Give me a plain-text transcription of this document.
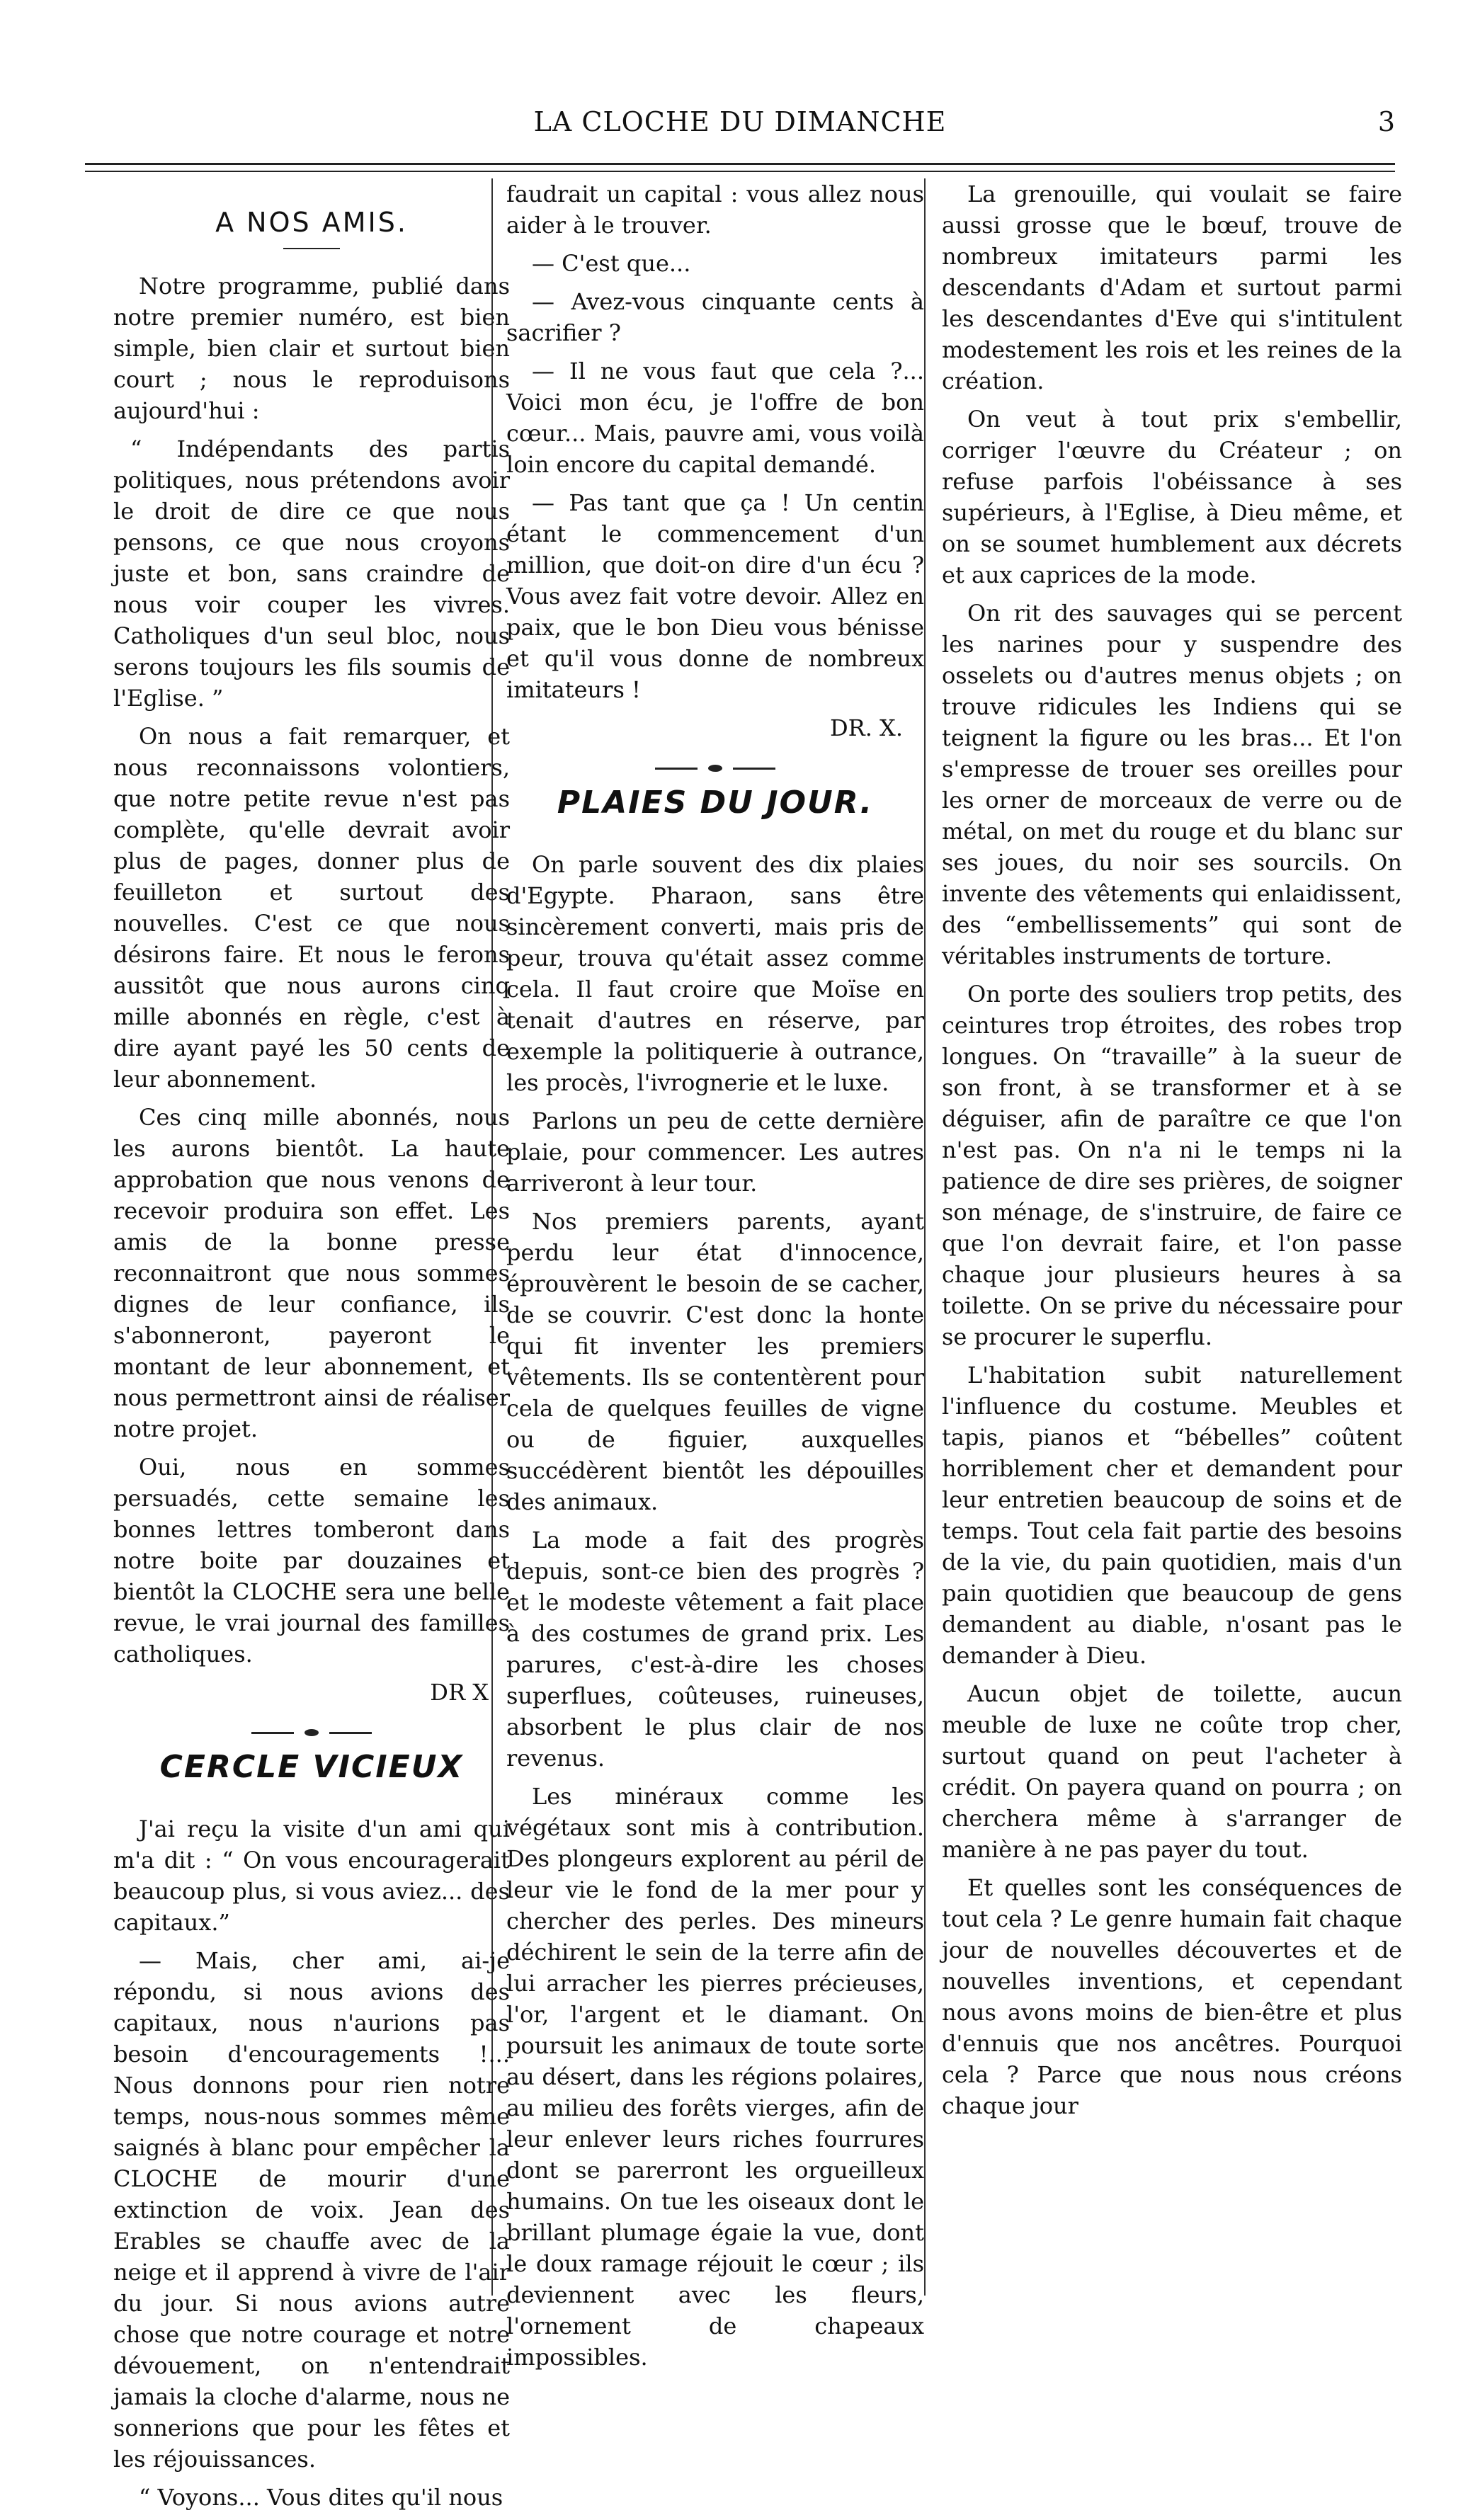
LA CLOCHE DU DIMANCHE	3
A NOS AMIS.

Notre programme, publié dans notre premier numéro, est bien simple, bien clair et surtout bien court ; nous le reproduisons aujourd'hui :

“ Indépendants des partis politiques, nous prétendons avoir le droit de dire ce que nous pensons, ce que nous croyons juste et bon, sans craindre de nous voir couper les vivres. Catholiques d'un seul bloc, nous serons toujours les fils soumis de l'Eglise. ”

On nous a fait remarquer, et nous reconnaissons volontiers, que notre petite revue n'est pas complète, qu'elle devrait avoir plus de pages, donner plus de feuilleton et surtout des nouvelles. C'est ce que nous désirons faire. Et nous le ferons aussitôt que nous aurons cinq mille abonnés en règle, c'est à dire ayant payé les 50 cents de leur abonnement.

Ces cinq mille abonnés, nous les aurons bientôt. La haute approbation que nous venons de recevoir produira son effet. Les amis de la bonne presse reconnaitront que nous sommes dignes de leur confiance, ils s'abonneront, payeront le montant de leur abonnement, et nous permettront ainsi de réaliser notre projet.

Oui, nous en sommes persuadés, cette semaine les bonnes lettres tomberont dans notre boite par douzaines et bientôt la CLOCHE sera une belle revue, le vrai journal des familles catholiques.

DR X
CERCLE VICIEUX

J'ai reçu la visite d'un ami qui m'a dit : “ On vous encouragerait beaucoup plus, si vous aviez... des capitaux.”

— Mais, cher ami, ai-je répondu, si nous avions des capitaux, nous n'aurions pas besoin d'encouragements !... Nous donnons pour rien notre temps, nous-nous sommes même saignés à blanc pour empêcher la CLOCHE de mourir d'une extinction de voix. Jean des Erables se chauffe avec de la neige et il apprend à vivre de l'air du jour. Si nous avions autre chose que notre courage et notre dévouement, on n'entendrait jamais la cloche d'alarme, nous ne sonnerions que pour les fêtes et les réjouissances.

“ Voyons... Vous dites qu'il nous

faudrait un capital : vous allez nous aider à le trouver.

— C'est que...

— Avez-vous cinquante cents à sacrifier ?

— Il ne vous faut que cela ?... Voici mon écu, je l'offre de bon cœur... Mais, pauvre ami, vous voilà loin encore du capital demandé.

— Pas tant que ça ! Un centin étant le commencement d'un million, que doit-on dire d'un écu ? Vous avez fait votre devoir. Allez en paix, que le bon Dieu vous bénisse et qu'il vous donne de nombreux imitateurs !

DR. X.
PLAIES DU JOUR.

On parle souvent des dix plaies d'Egypte. Pharaon, sans être sincèrement converti, mais pris de peur, trouva qu'était assez comme cela. Il faut croire que Moïse en tenait d'autres en réserve, par exemple la politiquerie à outrance, les procès, l'ivrognerie et le luxe.

Parlons un peu de cette dernière plaie, pour commencer. Les autres arriveront à leur tour.

Nos premiers parents, ayant perdu leur état d'innocence, éprouvèrent le besoin de se cacher, de se couvrir. C'est donc la honte qui fit inventer les premiers vêtements. Ils se contentèrent pour cela de quelques feuilles de vigne ou de figuier, auxquelles succédèrent bientôt les dépouilles des animaux.

La mode a fait des progrès depuis, sont-ce bien des progrès ? et le modeste vêtement a fait place à des costumes de grand prix. Les parures, c'est-à-dire les choses superflues, coûteuses, ruineuses, absorbent le plus clair de nos revenus.

Les minéraux comme les végétaux sont mis à contribution. Des plongeurs explorent au péril de leur vie le fond de la mer pour y chercher des perles. Des mineurs déchirent le sein de la terre afin de lui arracher les pierres précieuses, l'or, l'argent et le diamant. On poursuit les animaux de toute sorte au désert, dans les régions polaires, au milieu des forêts vierges, afin de leur enlever leurs riches fourrures dont se parerront les orgueilleux humains. On tue les oiseaux dont le brillant plumage égaie la vue, dont le doux ramage réjouit le cœur ; ils deviennent avec les fleurs, l'ornement de chapeaux impossibles.

La grenouille, qui voulait se faire aussi grosse que le bœuf, trouve de nombreux imitateurs parmi les descendants d'Adam et surtout parmi les descendantes d'Eve qui s'intitulent modestement les rois et les reines de la création.

On veut à tout prix s'embellir, corriger l'œuvre du Créateur ; on refuse parfois l'obéissance à ses supérieurs, à l'Eglise, à Dieu même, et on se soumet humblement aux décrets et aux caprices de la mode.

On rit des sauvages qui se percent les narines pour y suspendre des osselets ou d'autres menus objets ; on trouve ridicules les Indiens qui se teignent la figure ou les bras... Et l'on s'empresse de trouer ses oreilles pour les orner de morceaux de verre ou de métal, on met du rouge et du blanc sur ses joues, du noir ses sourcils. On invente des vêtements qui enlaidissent, des “embellissements” qui sont de véritables instruments de torture.

On porte des souliers trop petits, des ceintures trop étroites, des robes trop longues. On “travaille” à la sueur de son front, à se transformer et à se déguiser, afin de paraître ce que l'on n'est pas. On n'a ni le temps ni la patience de dire ses prières, de soigner son ménage, de s'instruire, de faire ce que l'on devrait faire, et l'on passe chaque jour plusieurs heures à sa toilette. On se prive du nécessaire pour se procurer le superflu.

L'habitation subit naturellement l'influence du costume. Meubles et tapis, pianos et “bébelles” coûtent horriblement cher et demandent pour leur entretien beaucoup de soins et de temps. Tout cela fait partie des besoins de la vie, du pain quotidien, mais d'un pain quotidien que beaucoup de gens demandent au diable, n'osant pas le demander à Dieu.

Aucun objet de toilette, aucun meuble de luxe ne coûte trop cher, surtout quand on peut l'acheter à crédit. On payera quand on pourra ; on cherchera même à s'arranger de manière à ne pas payer du tout.

Et quelles sont les conséquences de tout cela ? Le genre humain fait chaque jour de nouvelles découvertes et de nouvelles inventions, et cependant nous avons moins de bien-être et plus d'ennuis que nos ancêtres. Pourquoi cela ? Parce que nous nous créons chaque jour
